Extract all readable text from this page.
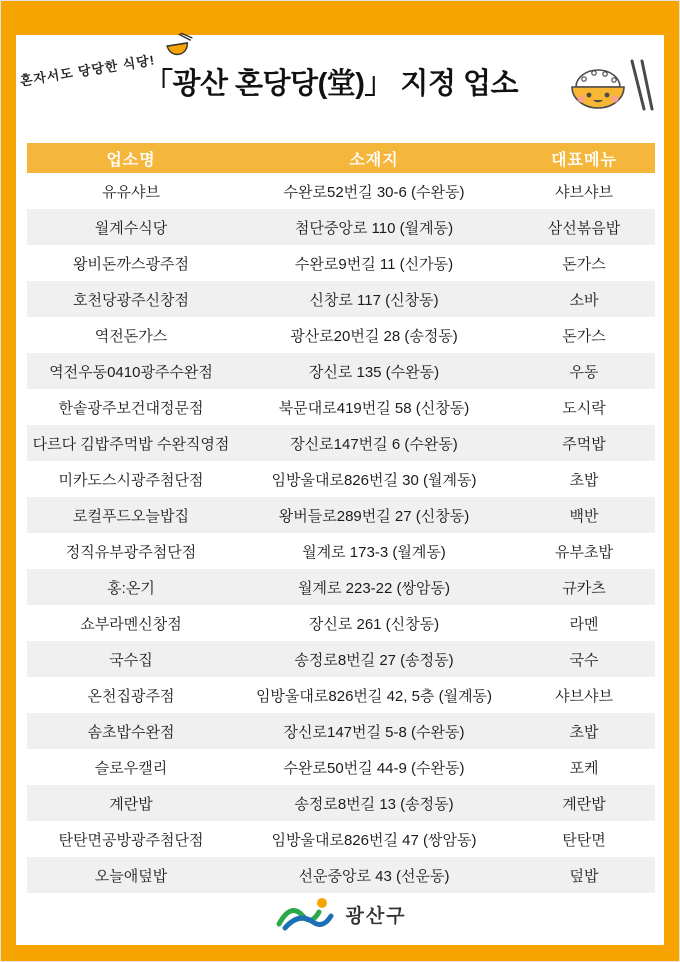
혼자서도 당당한 식당!
「광산 혼당당(堂)」 지정 업소
업소명	소재지	대표메뉴
유유샤브	수완로52번길 30-6 (수완동)	샤브샤브
월계수식당	첨단중앙로 110 (월계동)	삼선볶음밥
왕비돈까스광주점	수완로9번길 11 (신가동)	돈가스
호천당광주신창점	신창로 117 (신창동)	소바
역전돈가스	광산로20번길 28 (송정동)	돈가스
역전우동0410광주수완점	장신로 135 (수완동)	우동
한솥광주보건대정문점	북문대로419번길 58 (신창동)	도시락
다르다 김밥주먹밥 수완직영점	장신로147번길 6 (수완동)	주먹밥
미카도스시광주첨단점	임방울대로826번길 30 (월계동)	초밥
로컬푸드오늘밥집	왕버들로289번길 27 (신창동)	백반
정직유부광주첨단점	월계로 173-3 (월계동)	유부초밥
홍:온기	월계로 223-22 (쌍암동)	규카츠
쇼부라멘신창점	장신로 261 (신창동)	라멘
국수집	송정로8번길 27 (송정동)	국수
온천집광주점	임방울대로826번길 42, 5층 (월계동)	샤브샤브
솜초밥수완점	장신로147번길 5-8 (수완동)	초밥
슬로우캘리	수완로50번길 44-9 (수완동)	포케
계란밥	송정로8번길 13 (송정동)	계란밥
탄탄면공방광주첨단점	임방울대로826번길 47 (쌍암동)	탄탄면
오늘애덮밥	선운중앙로 43 (선운동)	덮밥
광산구
